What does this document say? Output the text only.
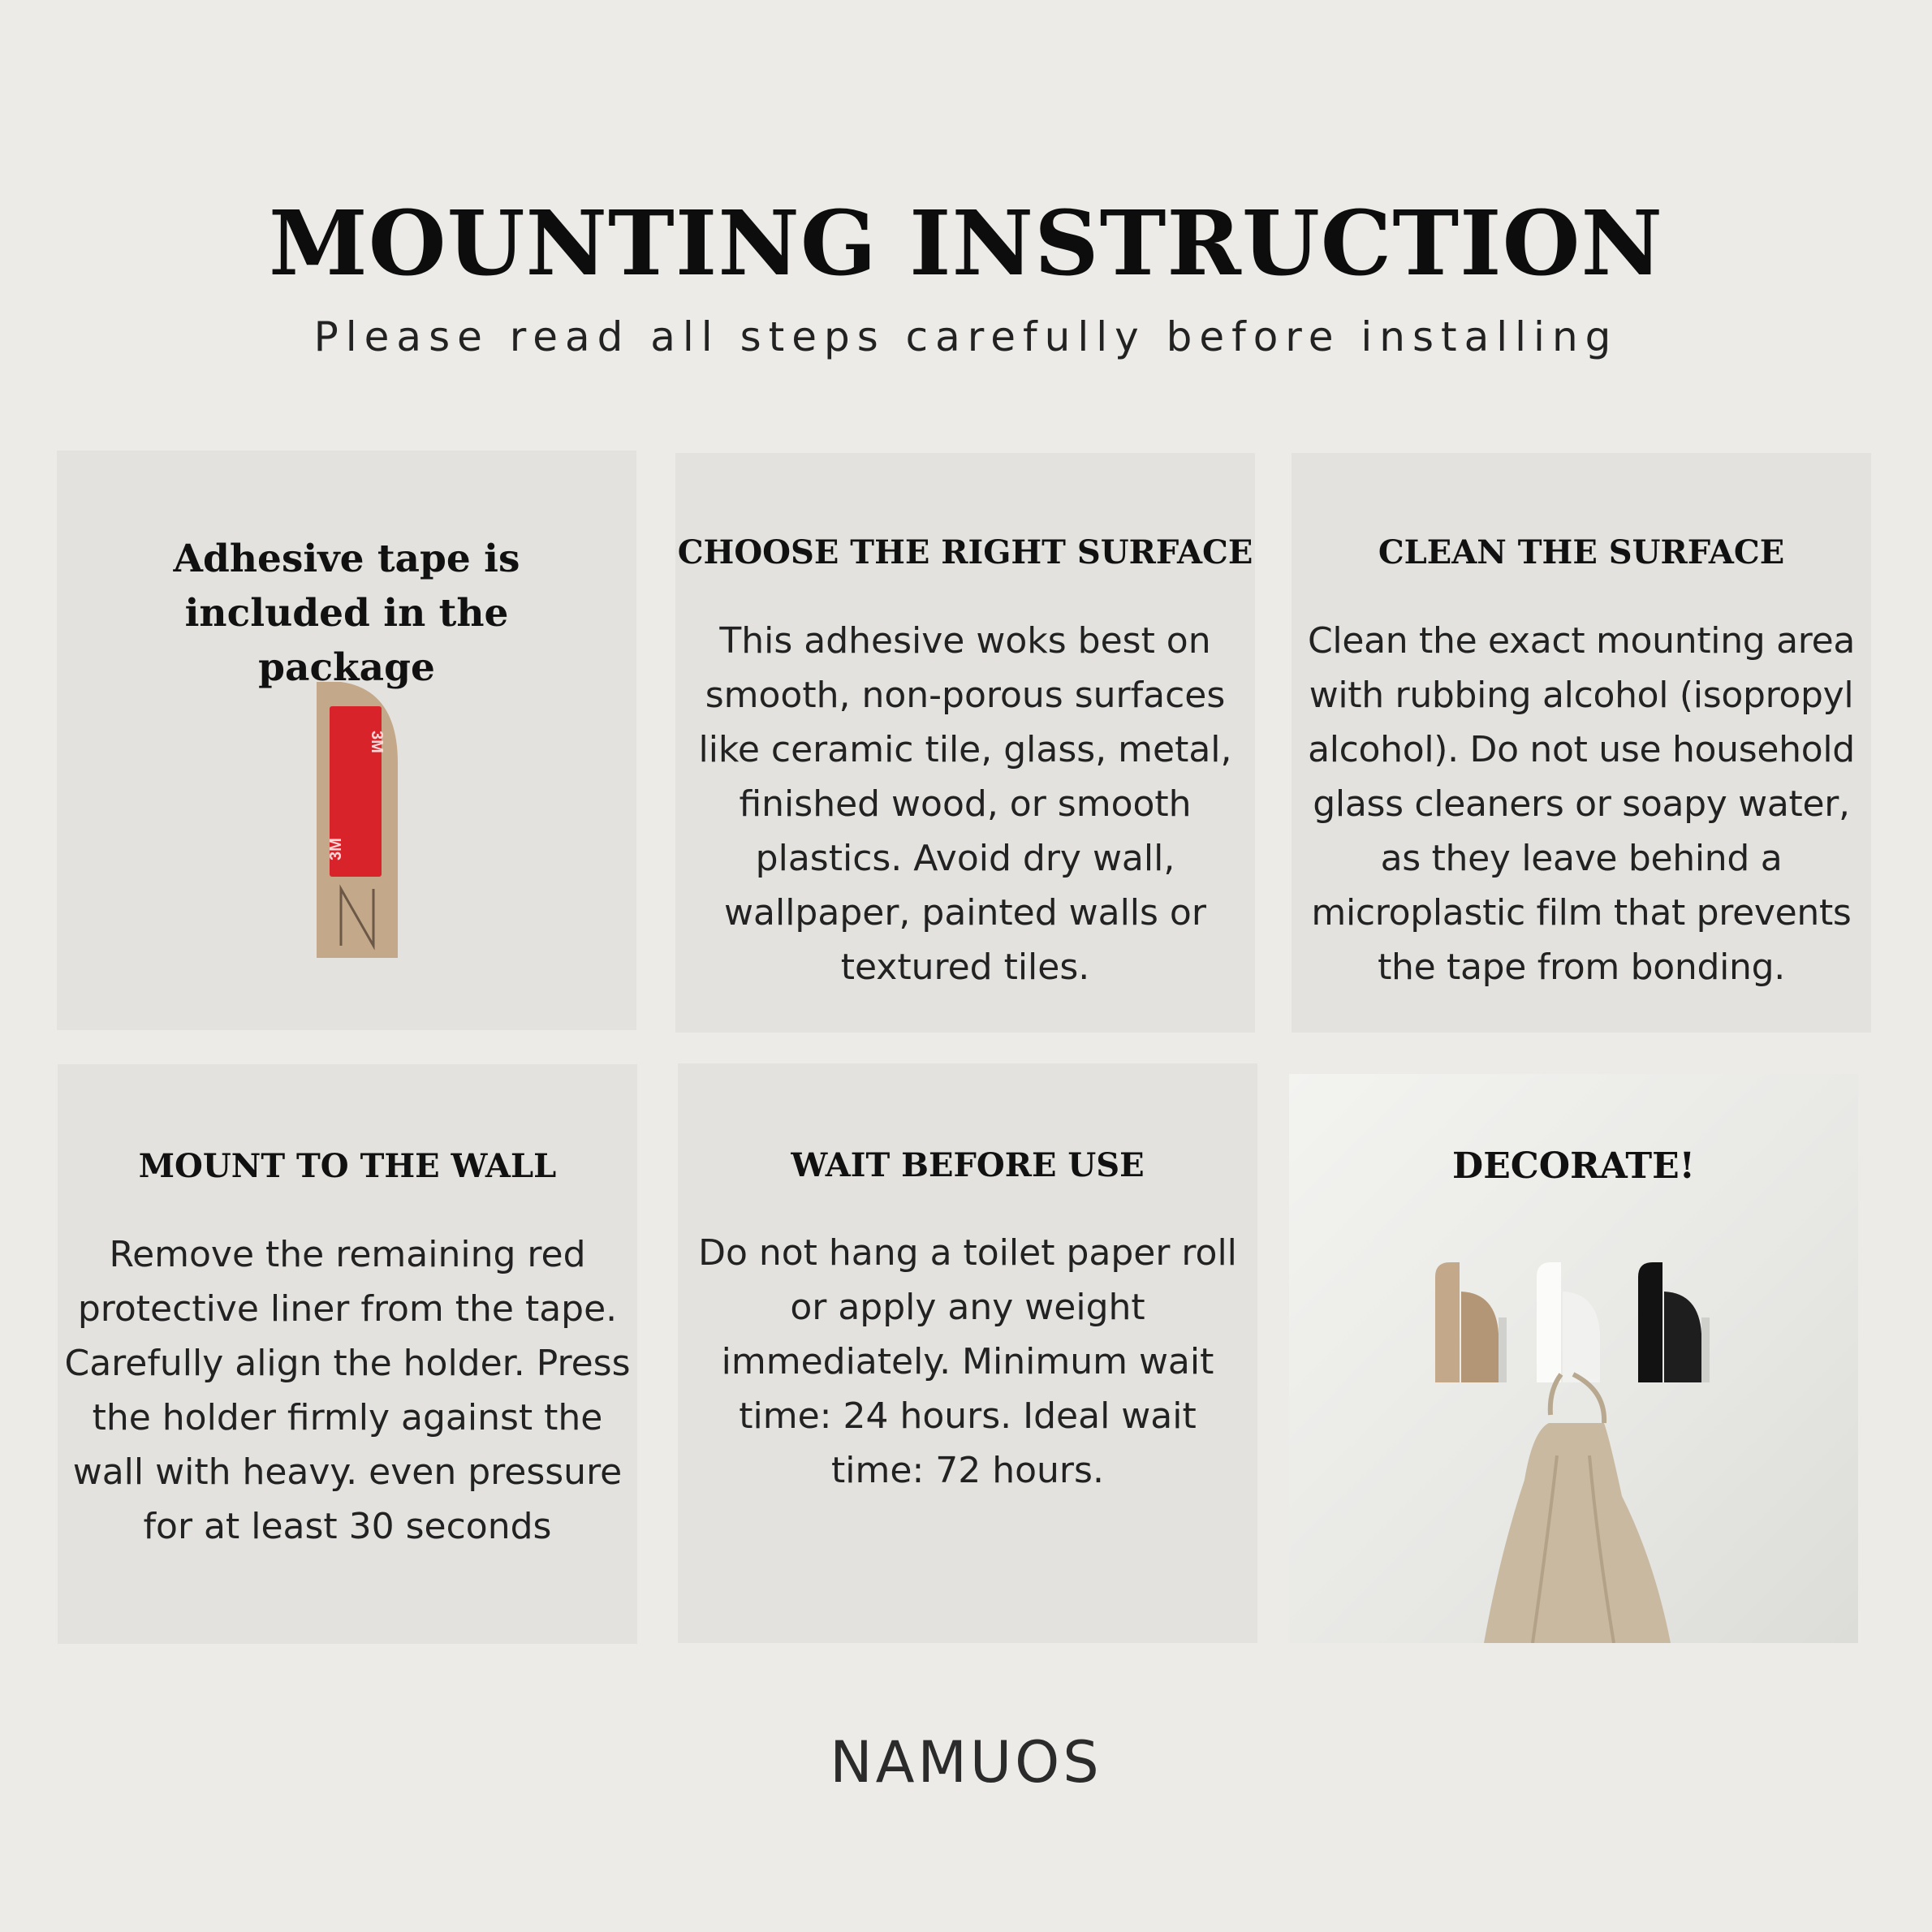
MOUNTING INSTRUCTION
Please read all steps carefully before installing
Adhesive tape is included in the package
3M
3M
CHOOSE THE RIGHT SURFACE
This adhesive woks best on smooth, non-porous surfaces like ceramic tile, glass, metal, finished wood, or smooth plastics. Avoid dry wall, wallpaper, painted walls or textured tiles.
CLEAN THE SURFACE
Clean the exact mounting area with rubbing alcohol (isopropyl alcohol). Do not use household glass cleaners or soapy water, as they leave behind a microplastic film that prevents the tape from bonding.
MOUNT TO THE WALL
Remove the remaining red protective liner from the tape. Carefully align the holder. Press the holder firmly against the wall with heavy. even pressure for at least 30 seconds
WAIT BEFORE USE
Do not hang a toilet paper roll or apply any weight immediately. Minimum wait time: 24 hours. Ideal wait time: 72 hours.
DECORATE!
NAMUOS
